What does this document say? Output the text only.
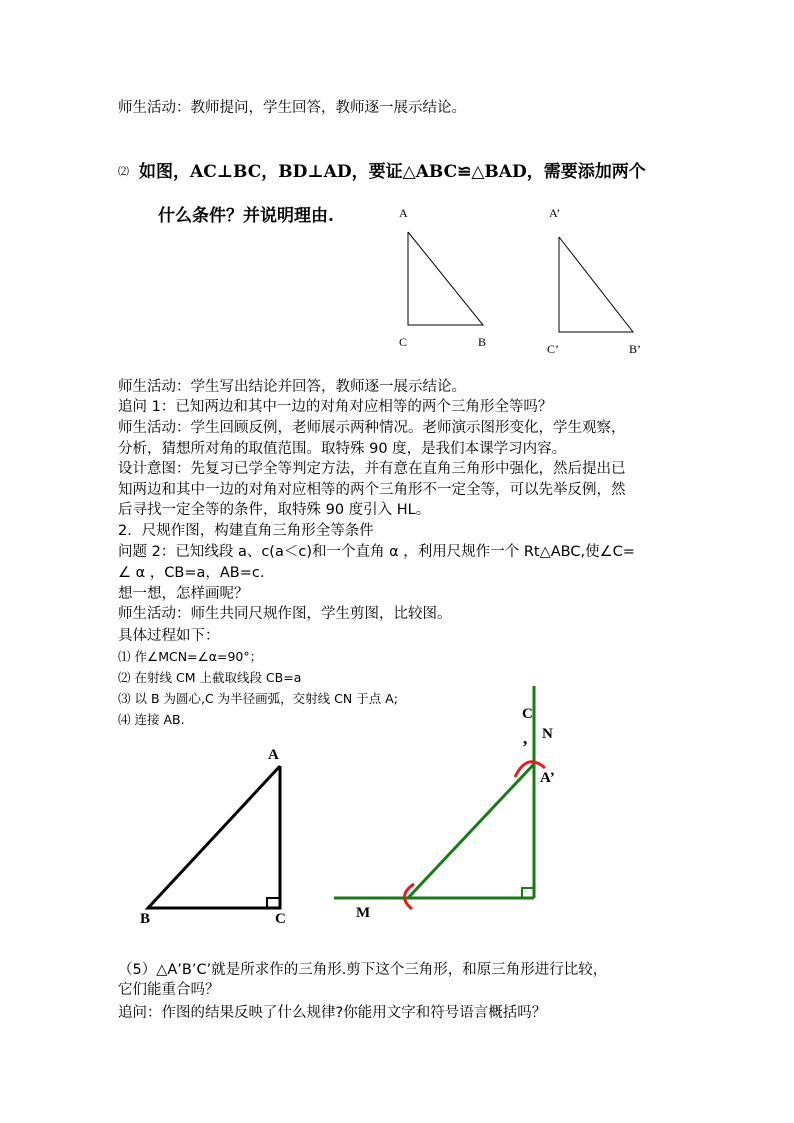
师生活动：教师提问，学生回答，教师逐一展示结论。
⑵ 如图，AC⊥BC，BD⊥AD，要证△ABC≌△BAD，需要添加两个
什么条件？并说明理由.	A
C	B
A’
C’	B’
师生活动：学生写出结论并回答，教师逐一展示结论。
追问 1：已知两边和其中一边的对角对应相等的两个三角形全等吗？
师生活动：学生回顾反例，老师展示两种情况。老师演示图形变化，学生观察，
分析，猜想所对角的取值范围。取特殊 90 度，是我们本课学习内容。
设计意图：先复习已学全等判定方法，并有意在直角三角形中强化，然后提出已
知两边和其中一边的对角对应相等的两个三角形不一定全等，可以先举反例，然
后寻找一定全等的条件，取特殊 90 度引入 HL。
2．尺规作图，构建直角三角形全等条件
问题 2：已知线段 a、c(a＜c)和一个直角 α ，利用尺规作一个 Rt△ABC,使∠C=
∠ α ，CB=a，AB=c.
想一想，怎样画呢？
师生活动：师生共同尺规作图，学生剪图，比较图。
具体过程如下：
⑴ 作∠MCN=∠α=90°；
⑵ 在射线 CM 上截取线段 CB=a
⑶ 以 B 为圆心,C 为半径画弧，交射线 CN 于点 A;
⑷ 连接 AB.
A
B	C
C
’
N
A’
M
（5）△A’B’C’就是所求作的三角形.剪下这个三角形，和原三角形进行比较，
它们能重合吗？
追问：作图的结果反映了什么规律?你能用文字和符号语言概括吗？
